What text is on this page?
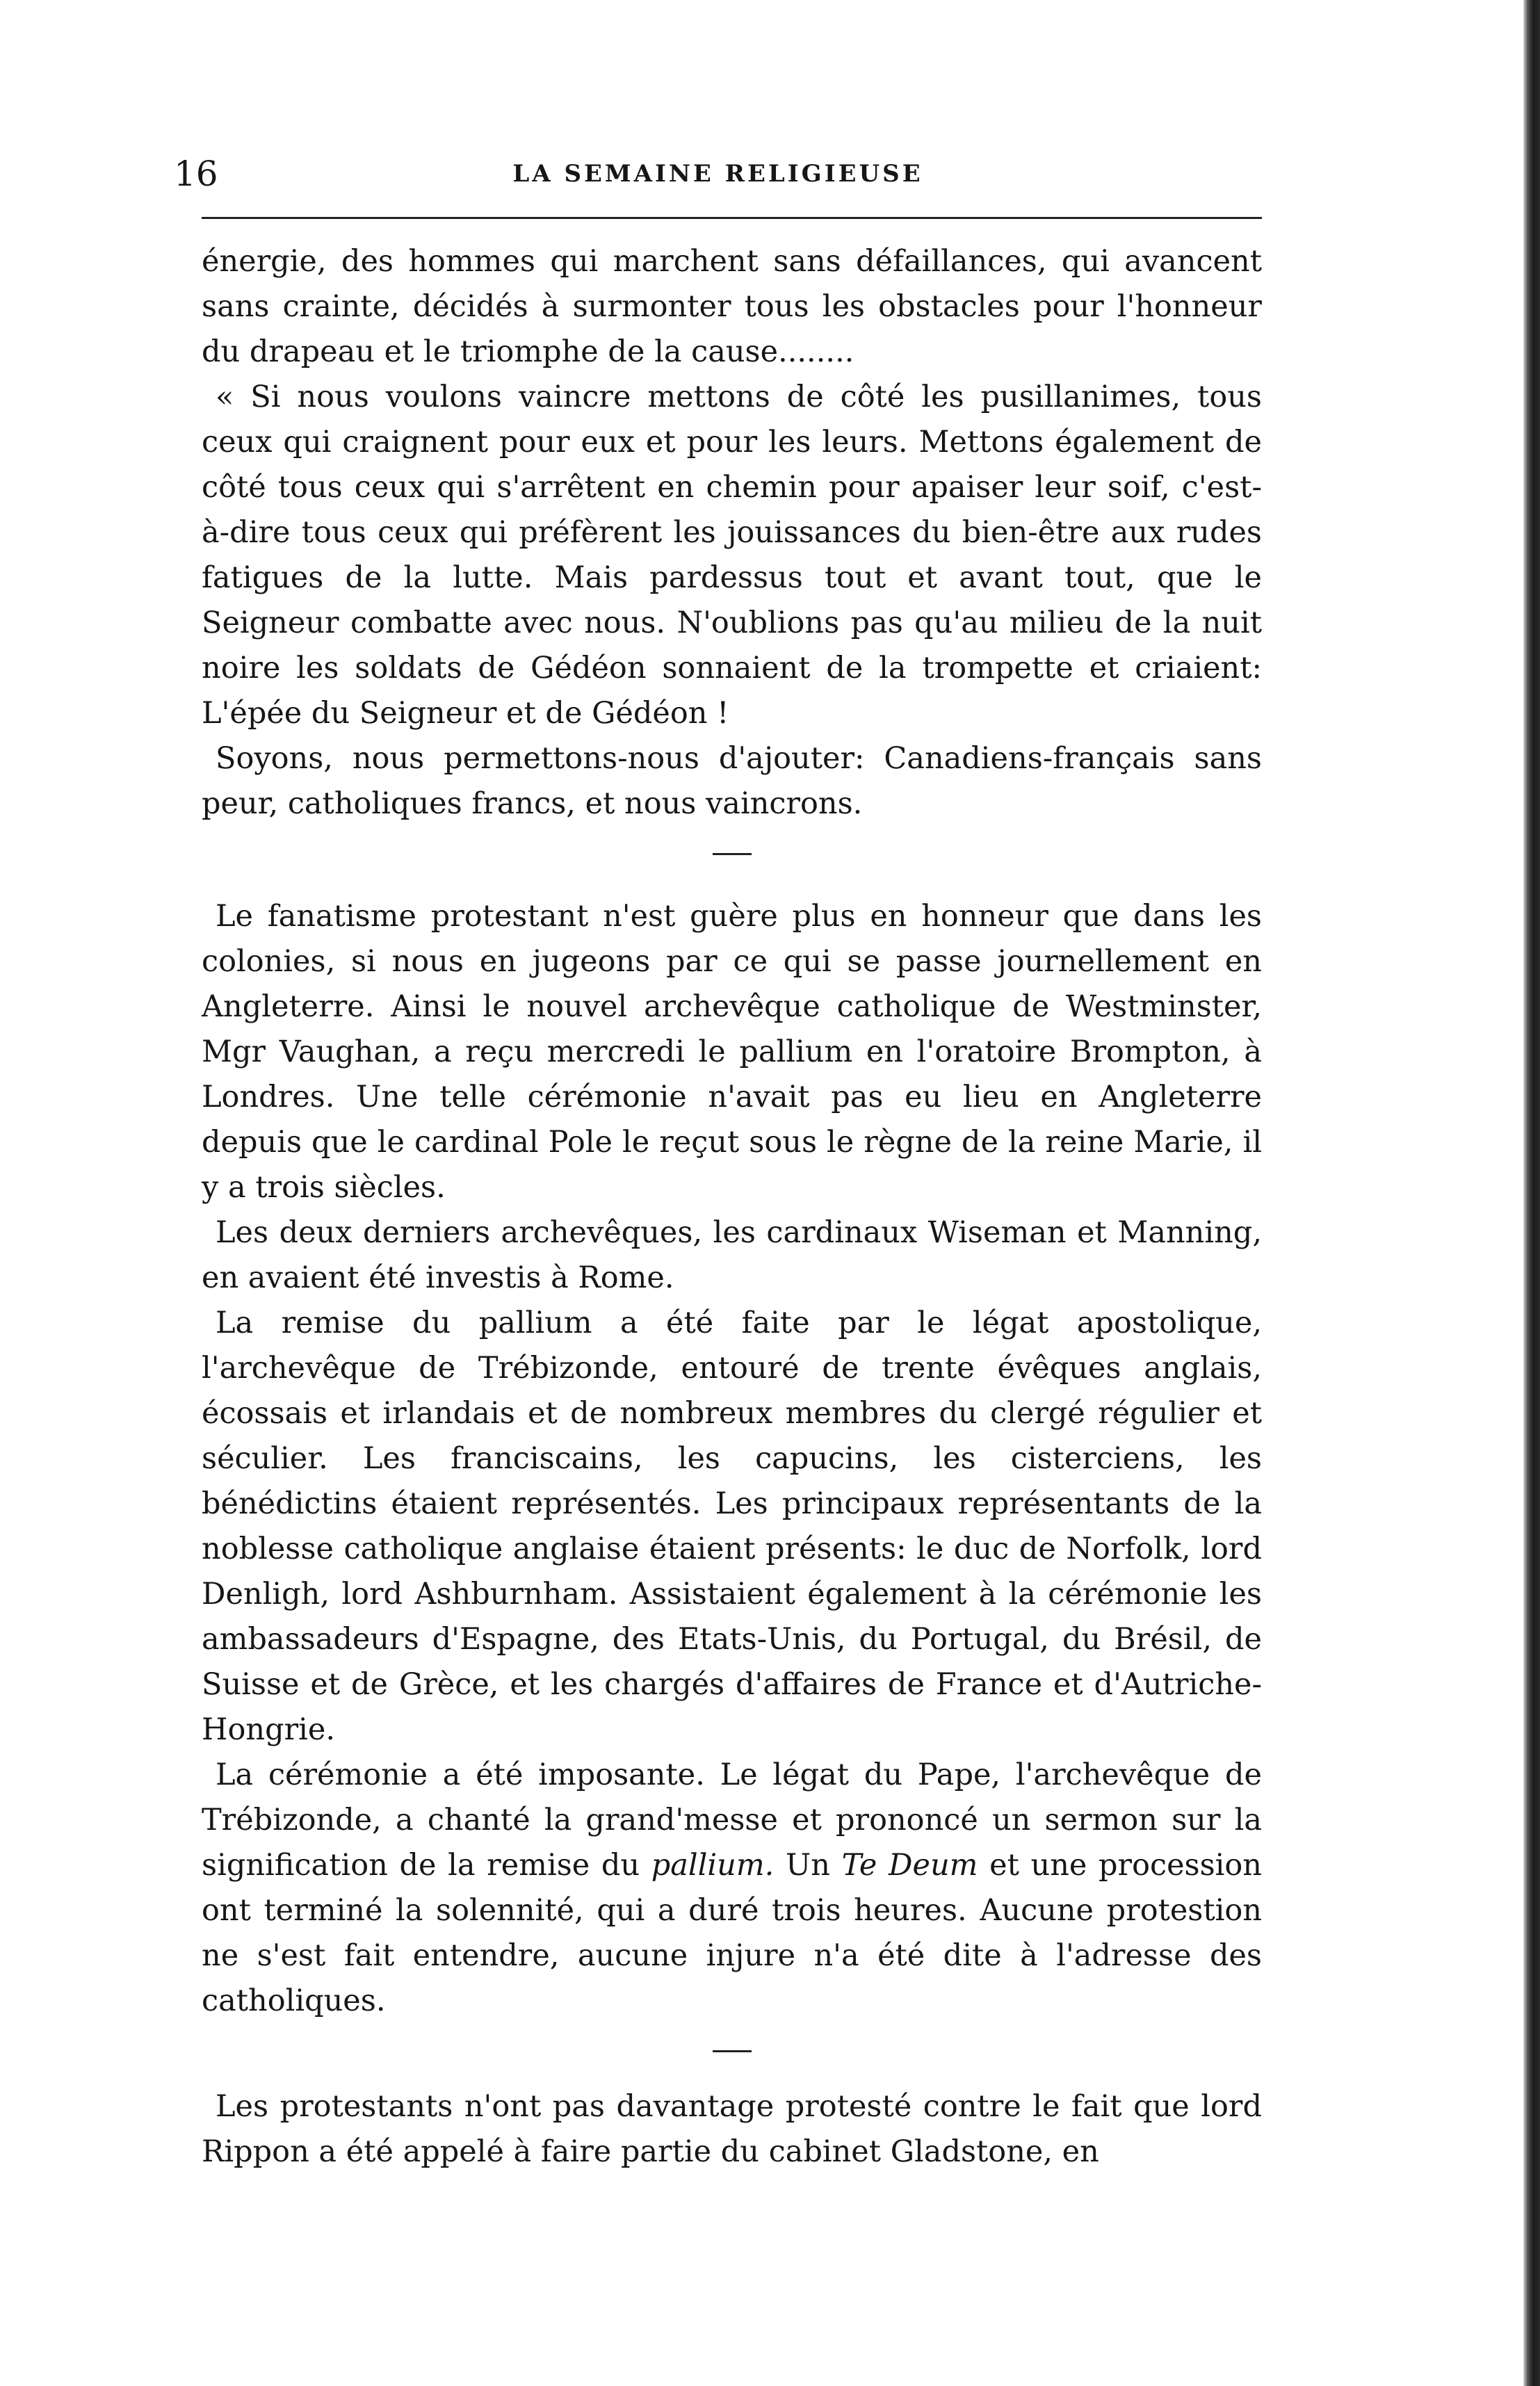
16	LA SEMAINE RELIGIEUSE

énergie, des hommes qui marchent sans défaillances, qui avancent sans crainte, décidés à surmonter tous les obstacles pour l'honneur du drapeau et le triomphe de la cause........

« Si nous voulons vaincre mettons de côté les pusillanimes, tous ceux qui craignent pour eux et pour les leurs. Mettons également de côté tous ceux qui s'arrêtent en chemin pour apaiser leur soif, c'est-à-dire tous ceux qui préfèrent les jouissances du bien-être aux rudes fatigues de la lutte. Mais pardessus tout et avant tout, que le Seigneur combatte avec nous. N'oublions pas qu'au milieu de la nuit noire les soldats de Gédéon sonnaient de la trompette et criaient: L'épée du Seigneur et de Gédéon !

Soyons, nous permettons-nous d'ajouter: Canadiens-français sans peur, catholiques francs, et nous vaincrons.

Le fanatisme protestant n'est guère plus en honneur que dans les colonies, si nous en jugeons par ce qui se passe journellement en Angleterre. Ainsi le nouvel archevêque catholique de Westminster, Mgr Vaughan, a reçu mercredi le pallium en l'oratoire Brompton, à Londres. Une telle cérémonie n'avait pas eu lieu en Angleterre depuis que le cardinal Pole le reçut sous le règne de la reine Marie, il y a trois siècles.

Les deux derniers archevêques, les cardinaux Wiseman et Manning, en avaient été investis à Rome.

La remise du pallium a été faite par le légat apostolique, l'archevêque de Trébizonde, entouré de trente évêques anglais, écossais et irlandais et de nombreux membres du clergé régulier et séculier. Les franciscains, les capucins, les cisterciens, les bénédictins étaient représentés. Les principaux représentants de la noblesse catholique anglaise étaient présents: le duc de Norfolk, lord Denligh, lord Ashburnham. Assistaient également à la cérémonie les ambassadeurs d'Espagne, des Etats-Unis, du Portugal, du Brésil, de Suisse et de Grèce, et les chargés d'affaires de France et d'Autriche-Hongrie.

La cérémonie a été imposante. Le légat du Pape, l'archevêque de Trébizonde, a chanté la grand'messe et prononcé un sermon sur la signification de la remise du pallium. Un Te Deum et une procession ont terminé la solennité, qui a duré trois heures. Aucune protestion ne s'est fait entendre, aucune injure n'a été dite à l'adresse des catholiques.

Les protestants n'ont pas davantage protesté contre le fait que lord Rippon a été appelé à faire partie du cabinet Gladstone, en
